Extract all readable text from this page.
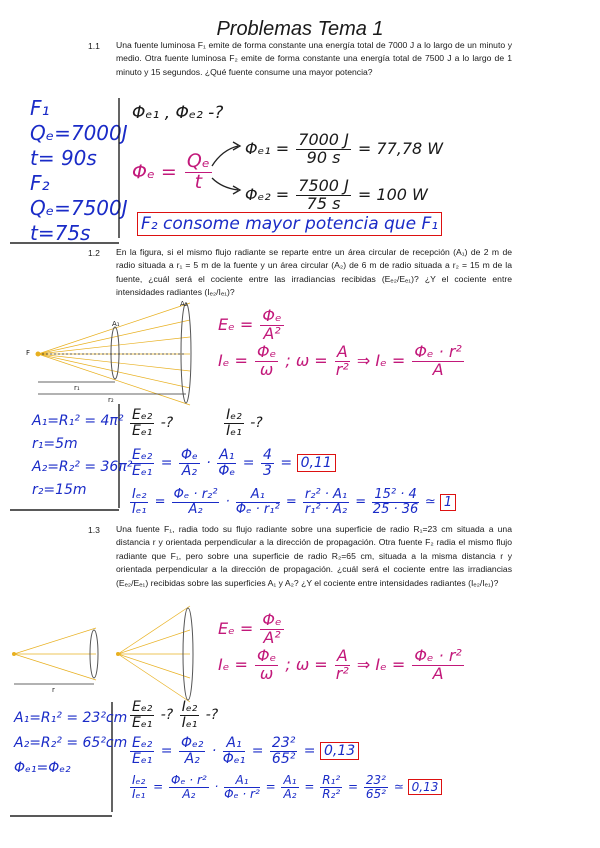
Problemas Tema 1
1.1 Una fuente luminosa F₁ emite de forma constante una energía total de 7000 J a lo largo de un minuto y medio. Otra fuente luminosa F₂ emite de forma constante una energía total de 7500 J a lo largo de 1 minuto y 15 segundos. ¿Qué fuente consume una mayor potencia?
F₁
Qₑ=7000J
t= 90s
F₂
Qₑ=7500J
t=75s
Φₑ₁ , Φₑ₂ -?
$\Phi_e = \frac{\text{Qₑ}}{t}$
$\Phi_{e1} = \frac{7000 J}{90 s} = 77,78$ W
$\Phi_{e2} = \frac{7500 J}{75 s} = 100$ W
F₂ consome mayor potencia que F₁
1.2 En la figura, si el mismo flujo radiante se reparte entre un área circular de recepción (A₁) de 2 m de radio situada a r₁ = 5 m de la fuente y un área circular (A₂) de 6 m de radio situada a r₂ = 15 m de la fuente, ¿cuál será el cociente entre las irradiancias recibidas (Eₑ₂/Eₑ₁)? ¿Y el cociente entre intensidades radiantes (Iₑ₂/Iₑ₁)?
F
A₁
A₂
r₁
r₂
$E_e = \frac{\text{Φₑ}}{\text{A²}}$
$I_e = \frac{\text{Φₑ}}{\omega}$ ; $\omega = \frac{A}{\text{r²}}$ ⇒ $I_e = \frac{\text{Φₑ · r²}}{A}$
A₁=R₁² = 4π²
r₁=5m
A₂=R₂² = 36π²
r₂=15m
$\frac{\text{Eₑ₂}}{\text{Eₑ₁}}$ -?	$\frac{\text{Iₑ₂}}{\text{Iₑ₁}}$ -?
$\frac{\text{Eₑ₂}}{\text{Eₑ₁}} = \frac{\text{Φₑ}}{\text{A₂}} \cdot \frac{\text{A₁}}{\text{Φₑ}} = \frac{4}{3} = 0,11$
$\frac{\text{Iₑ₂}}{\text{Iₑ₁}} = \frac{\text{Φₑ · r₂²}}{\text{A₂}} \cdot \frac{\text{A₁}}{\text{Φₑ · r₁²}} = \frac{\text{r₂² · A₁}}{\text{r₁² · A₂}} = \frac{\text{15² · 4}}{25 \cdot 36}$ ≃ 1
1.3 Una fuente F₁, radia todo su flujo radiante sobre una superficie de radio R₁=23 cm situada a una distancia r y orientada perpendicular a la dirección de propagación. Otra fuente F₂ radia el mismo flujo radiante que F₁, pero sobre una superficie de radio R₂=65 cm, situada a la misma distancia r y orientada perpendicular a la dirección de propagación. ¿cuál será el cociente entre las irradiancias (Eₑ₂/Eₑ₁) recibidas sobre las superficies A₁ y A₂? ¿Y el cociente entre intensidades radiantes (Iₑ₂/Iₑ₁)?
r
$E_e = \frac{\text{Φₑ}}{\text{A²}}$
$I_e = \frac{\text{Φₑ}}{\omega}$ ; $\omega = \frac{A}{\text{r²}}$ ⇒ $I_e = \frac{\text{Φₑ · r²}}{A}$
A₁=R₁² = 23²cm
A₂=R₂² = 65²cm
Φₑ₁=Φₑ₂
$\frac{\text{Eₑ₂}}{\text{Eₑ₁}}$ -? $\frac{\text{Iₑ₂}}{\text{Iₑ₁}}$ -?
$\frac{\text{Eₑ₂}}{\text{Eₑ₁}} = \frac{\text{Φₑ₂}}{\text{A₂}} \cdot \frac{\text{A₁}}{\text{Φₑ₁}} = \frac{\text{23²}}{\text{65²}} = 0,13$
$\frac{\text{Iₑ₂}}{\text{Iₑ₁}} = \frac{\text{Φₑ · r²}}{\text{A₂}} \cdot \frac{\text{A₁}}{\text{Φₑ · r²}} = \frac{\text{A₁}}{\text{A₂}} = \frac{\text{R₁²}}{\text{R₂²}} = \frac{\text{23²}}{\text{65²}}$ ≃ 0,13
